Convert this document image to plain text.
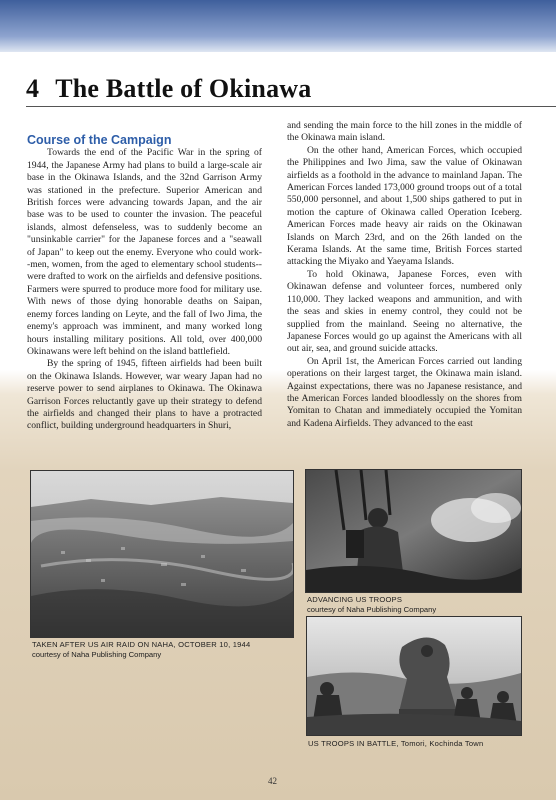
4 The Battle of Okinawa
Course of the Campaign

Towards the end of the Pacific War in the spring of 1944, the Japanese Army had plans to build a large-scale air base in the Okinawa Islands, and the 32nd Garrison Army was stationed in the prefecture. Superior American and British forces were advancing towards Japan, and the air base was to be used to counter the invasion. The peaceful islands, almost defenseless, was to suddenly become an "unsinkable carrier" for the Japanese forces and a "seawall of Japan" to keep out the enemy. Everyone who could work--men, women, from the aged to elementary school students--were drafted to work on the airfields and defensive positions. Farmers were spurred to produce more food for military use. With news of those dying honorable deaths on Saipan, enemy forces landing on Leyte, and the fall of Iwo Jima, the enemy's approach was imminent, and many worked long hours installing military positions. All told, over 400,000 Okinawans were left behind on the island battlefield.

By the spring of 1945, fifteen airfields had been built on the Okinawa Islands. However, war weary Japan had no reserve power to send airplanes to Okinawa. The Okinawa Garrison Forces reluctantly gave up their strategy to defend the airfields and changed their plans to have a protracted conflict, building underground headquarters in Shuri,

and sending the main force to the hill zones in the middle of the Okinawa main island.

On the other hand, American Forces, which occupied the Philippines and Iwo Jima, saw the value of Okinawan airfields as a foothold in the advance to mainland Japan. The American Forces landed 173,000 ground troops out of a total 550,000 personnel, and about 1,500 ships gathered to put in motion the capture of Okinawa called Operation Iceberg. American Forces made heavy air raids on the Okinawan Islands on March 23rd, and on the 26th landed on the Kerama Islands. At the same time, British Forces started attacking the Miyako and Yaeyama Islands.

To hold Okinawa, Japanese Forces, even with Okinawan defense and volunteer forces, numbered only 110,000. They lacked weapons and ammunition, and with the seas and skies in enemy control, they could not be supplied from the mainland. Seeing no alternative, the Japanese Forces would go up against the Americans with all out air, sea, and ground suicide attacks.

On April 1st, the American Forces carried out landing operations on their largest target, the Okinawa main island. Against expectations, there was no Japanese resistance, and the American Forces landed bloodlessly on the shores from Yomitan to Chatan and immediately occupied the Yomitan and Kadena Airfields. They advanced to the east

TAKEN AFTER US AIR RAID ON NAHA, OCTOBER 10, 1944
courtesy of Naha Publishing Company
ADVANCING US TROOPS
courtesy of Naha Publishing Company
US TROOPS IN BATTLE, Tomori, Kochinda Town
42
